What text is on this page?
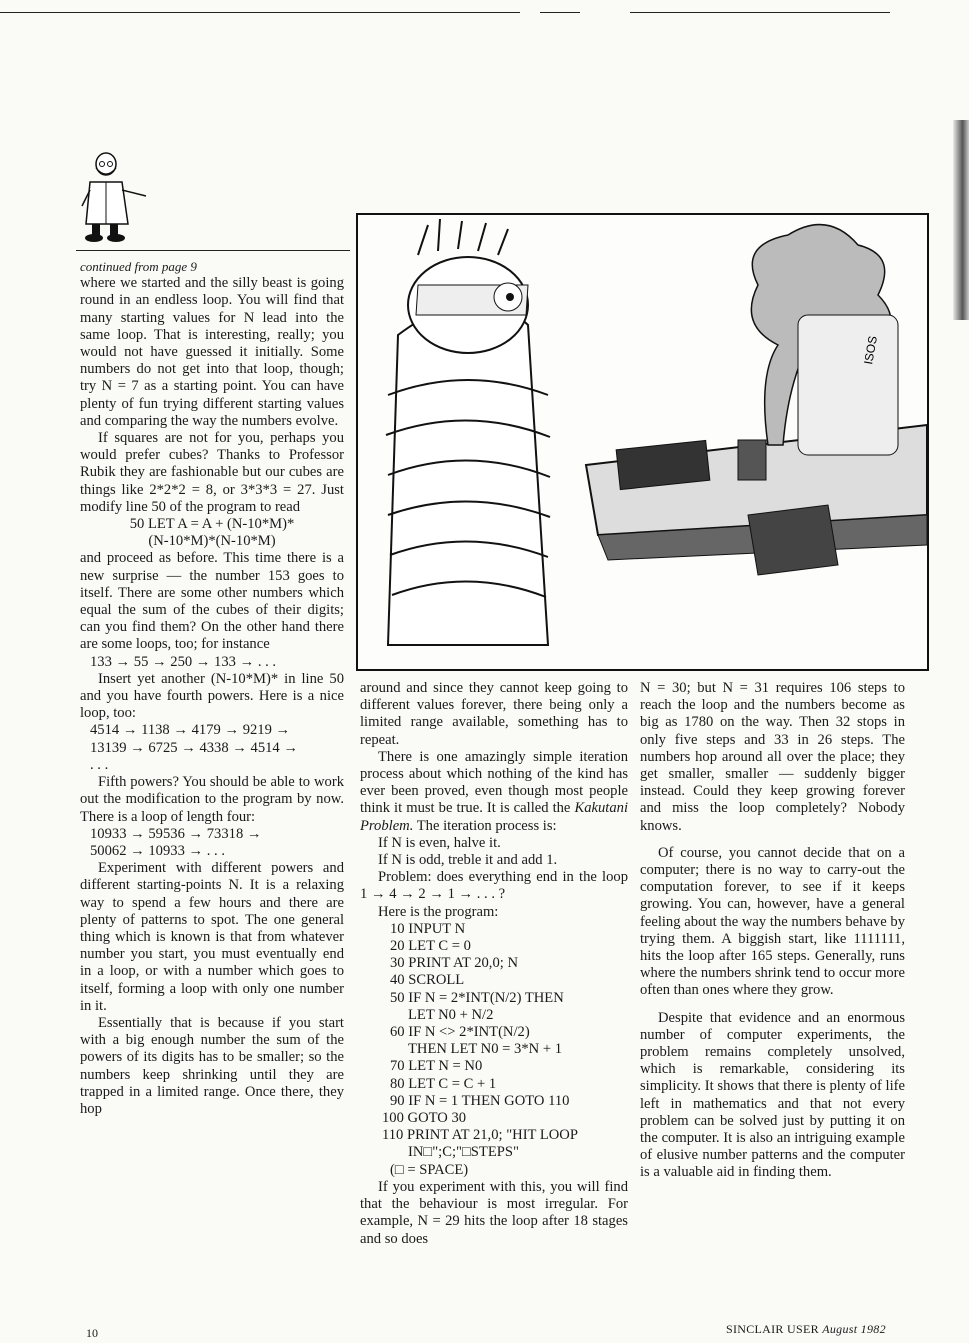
ISOS

continued from page 9

where we started and the silly beast is going round in an endless loop. You will find that many starting values for N lead into the same loop. That is interesting, really; you would not have guessed it initially. Some numbers do not get into that loop, though; try N = 7 as a starting point. You can have plenty of fun trying different starting values and comparing the way the numbers evolve.

If squares are not for you, perhaps you would prefer cubes? Thanks to Professor Rubik they are fashionable but our cubes are things like 2*2*2 = 8, or 3*3*3 = 27. Just modify line 50 of the program to read

50 LET A = A + (N-10*M)*

(N-10*M)*(N-10*M)

and proceed as before. This time there is a new surprise — the number 153 goes to itself. There are some other numbers which equal the sum of the cubes of their digits; can you find them? On the other hand there are some loops, too; for instance

133 → 55 → 250 → 133 → . . .

Insert yet another (N-10*M)* in line 50 and you have fourth powers. Here is a nice loop, too:

4514 → 1138 → 4179 → 9219 →

13139 → 6725 → 4338 → 4514 →

. . .

Fifth powers? You should be able to work out the modification to the program by now. There is a loop of length four:

10933 → 59536 → 73318 →

50062 → 10933 → . . .

Experiment with different powers and different starting-points N. It is a relaxing way to spend a few hours and there are plenty of patterns to spot. The one general thing which is known is that from whatever number you start, you must eventually end in a loop, or with a number which goes to itself, forming a loop with only one number in it.

Essentially that is because if you start with a big enough number the sum of the powers of its digits has to be smaller; so the numbers keep shrinking until they are trapped in a limited range. Once there, they hop

around and since they cannot keep going to different values forever, there being only a limited range available, something has to repeat.

There is one amazingly simple iteration process about which nothing of the kind has ever been proved, even though most people think it must be true. It is called the Kakutani Problem. The iteration process is:

If N is even, halve it.

If N is odd, treble it and add 1.

Problem: does everything end in the loop 1 → 4 → 2 → 1 → . . . ?

Here is the program:

10 INPUT N

20 LET C = 0

30 PRINT AT 20,0; N

40 SCROLL

50 IF N = 2*INT(N/2) THEN

LET N0 + N/2

60 IF N <> 2*INT(N/2)

THEN LET N0 = 3*N + 1

70 LET N = N0

80 LET C = C + 1

90 IF N = 1 THEN GOTO 110

100 GOTO 30

110 PRINT AT 21,0; "HIT LOOP

IN□";C;"□STEPS"

(□ = SPACE)

If you experiment with this, you will find that the behaviour is most irregular. For example, N = 29 hits the loop after 18 stages and so does

N = 30; but N = 31 requires 106 steps to reach the loop and the numbers become as big as 1780 on the way. Then 32 stops in only five steps and 33 in 26 steps. The numbers hop around all over the place; they get smaller, smaller — suddenly bigger instead. Could they keep growing forever and miss the loop completely? Nobody knows.

Of course, you cannot decide that on a computer; there is no way to carry-out the computation forever, to see if it keeps growing. You can, however, have a general feeling about the way the numbers behave by trying them. A biggish start, like 1111111, hits the loop after 165 steps. Generally, runs where the numbers shrink tend to occur more often than ones where they grow.

Despite that evidence and an enormous number of computer experiments, the problem remains completely unsolved, which is remarkable, considering its simplicity. It shows that there is plenty of life left in mathematics and that not every problem can be solved just by putting it on the computer. It is also an intriguing example of elusive number patterns and the computer is a valuable aid in finding them.

10	SINCLAIR USER August 1982
